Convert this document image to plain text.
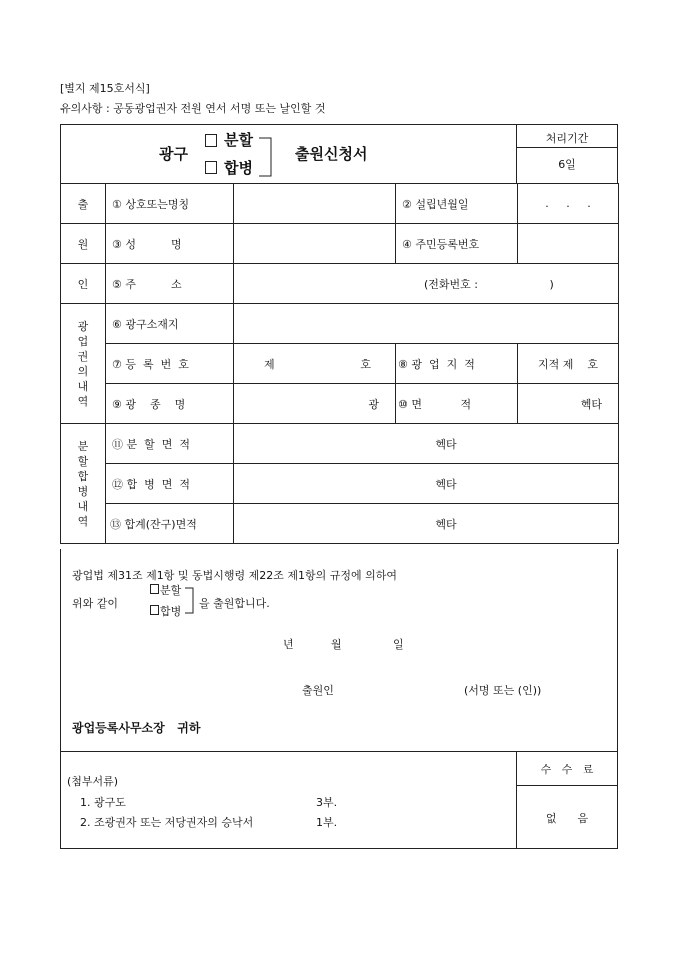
[별지 제15호서식]
유의사항 : 공동광업권자 전원 연서 서명 또는 날인할 것
처리기간
6일
광구
분할
합병
출원신청서
출	① 상호또는명칭		② 설립년월일	.     .     .
원	③ 성          명		④ 주민등록번호	
인	⑤ 주          소	(전화번호 : )		
광업권의내역	⑥ 광구소재지			
	⑦ 등  록  번  호	제 호	⑧ 광  업  지  적	지적 제    호
	⑨ 광    종    명	광	⑩ 면           적	헥타
분할합병내역	⑪ 분  할  면  적	헥타		
	⑫ 합  병  면  적	헥타		
	⑬ 합계(잔구)면적	헥타		
광업법 제31조 제1항 및 동법시행령 제22조 제1항의 규정에 의하여
위와 같이
분할
합병
을 출원합니다.
년	월	일
출원인	(서명 또는 (인))
광업등록사무소장   귀하
(첨부서류)
1. 광구도	3부.
2. 조광권자 또는 저당권자의 승낙서	1부.
수   수   료
없      음
